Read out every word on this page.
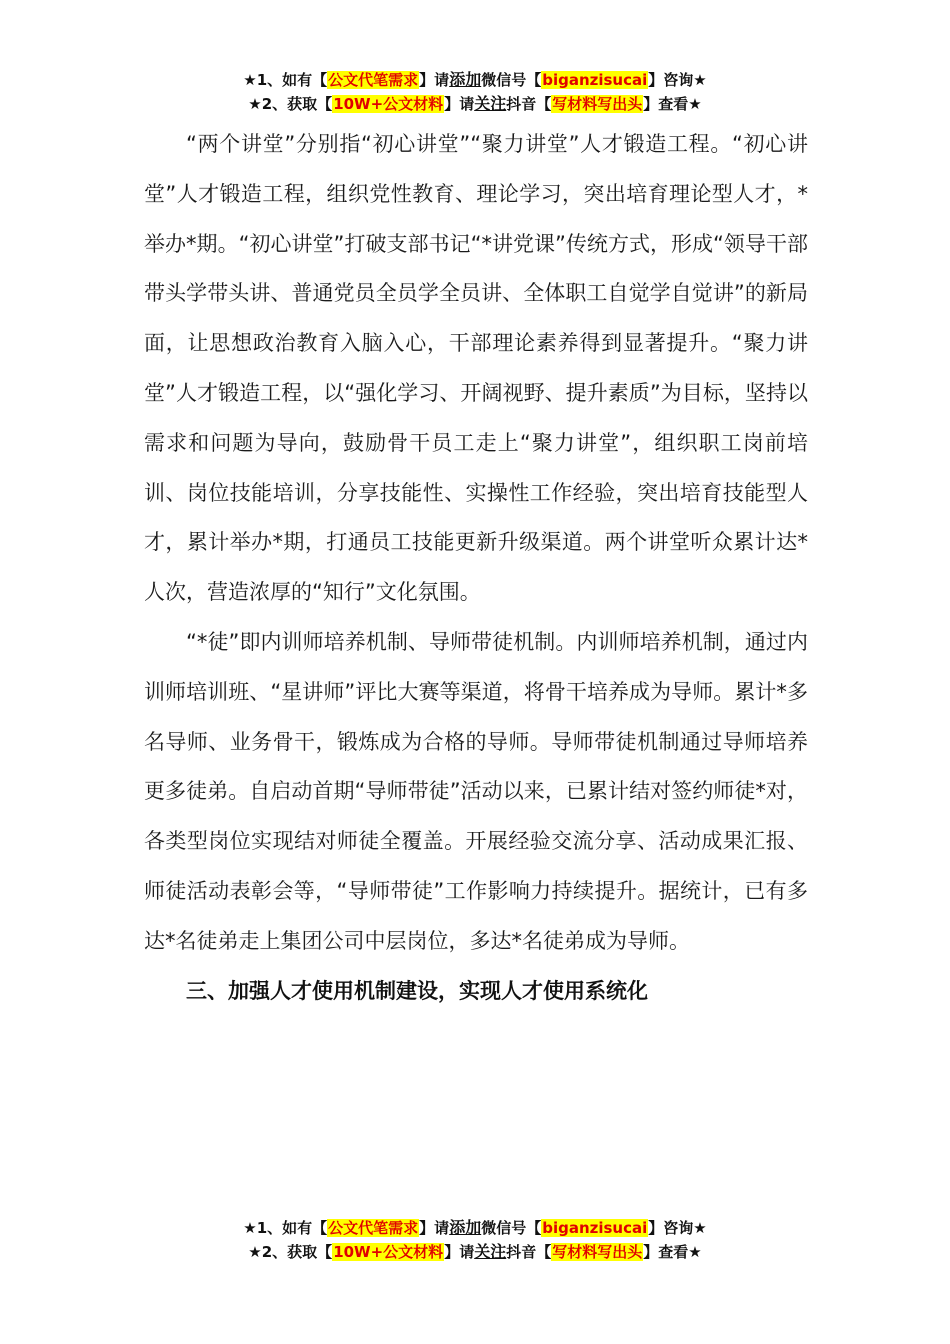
★1、如有【公文代笔需求】请添加微信号【biganzisucai】咨询★
★2、获取【10W+公文材料】请关注抖音【写材料写出头】查看★

“两个讲堂”分别指“初心讲堂”“聚力讲堂”人才锻造工程。“初心讲堂”人才锻造工程，组织党性教育、理论学习，突出培育理论型人才，*举办*期。“初心讲堂”打破支部书记“*讲党课”传统方式，形成“领导干部带头学带头讲、普通党员全员学全员讲、全体职工自觉学自觉讲”的新局面，让思想政治教育入脑入心，干部理论素养得到显著提升。“聚力讲堂”人才锻造工程，以“强化学习、开阔视野、提升素质”为目标，坚持以需求和问题为导向，鼓励骨干员工走上“聚力讲堂”，组织职工岗前培训、岗位技能培训，分享技能性、实操性工作经验，突出培育技能型人才，累计举办*期，打通员工技能更新升级渠道。两个讲堂听众累计达*人次，营造浓厚的“知行”文化氛围。

“*徒”即内训师培养机制、导师带徒机制。内训师培养机制，通过内训师培训班、“星讲师”评比大赛等渠道，将骨干培养成为导师。累计*多名导师、业务骨干，锻炼成为合格的导师。导师带徒机制通过导师培养更多徒弟。自启动首期“导师带徒”活动以来，已累计结对签约师徒*对，各类型岗位实现结对师徒全覆盖。开展经验交流分享、活动成果汇报、师徒活动表彰会等，“导师带徒”工作影响力持续提升。据统计，已有多达*名徒弟走上集团公司中层岗位，多达*名徒弟成为导师。

三、加强人才使用机制建设，实现人才使用系统化

★1、如有【公文代笔需求】请添加微信号【biganzisucai】咨询★
★2、获取【10W+公文材料】请关注抖音【写材料写出头】查看★
